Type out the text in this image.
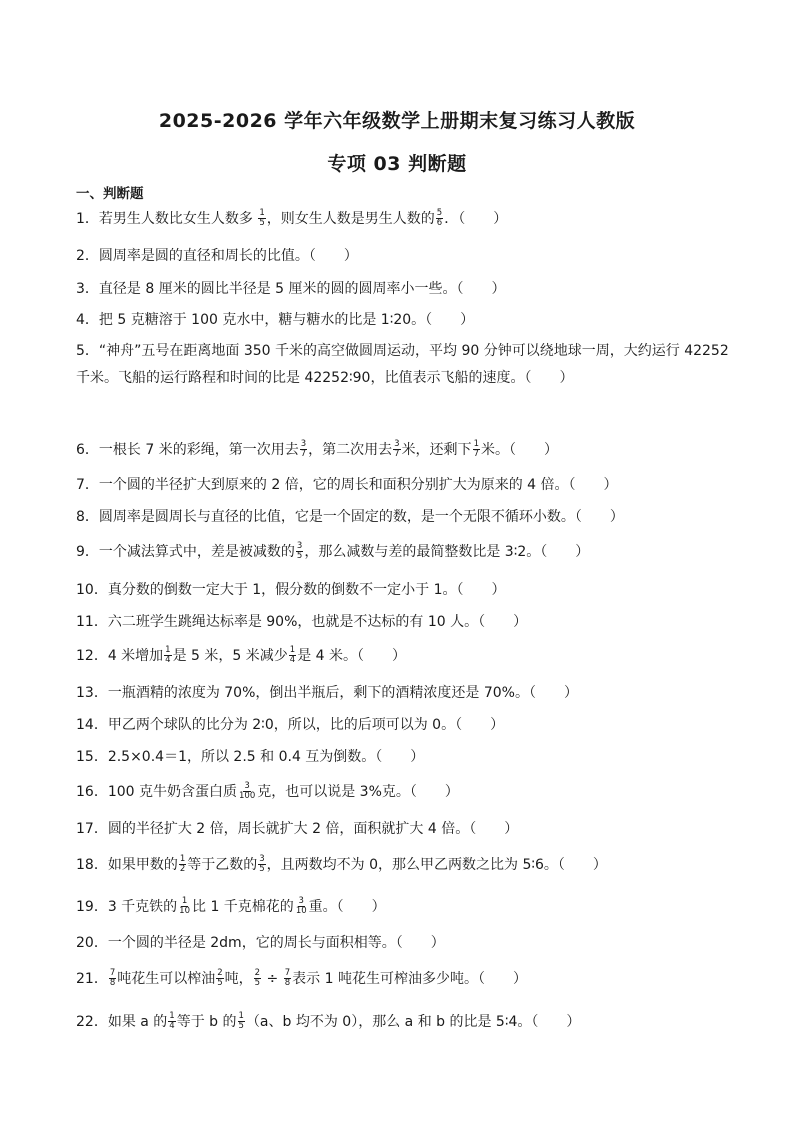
2025-2026 学年六年级数学上册期末复习练习人教版
专项 03 判断题
一、判断题
1．若男生人数比女生人数多 $\frac{1}{5}$ ，则女生人数是男生人数的 $\frac{5}{6}$ ．（　　）
2．圆周率是圆的直径和周长的比值。（　　）
3．直径是 8 厘米的圆比半径是 5 厘米的圆的圆周率小一些。（　　）
4．把 5 克糖溶于 100 克水中，糖与糖水的比是 1∶20。（　　）
5．“神舟”五号在距离地面 350 千米的高空做圆周运动，平均 90 分钟可以绕地球一周，大约运行 42252 千米。飞船的运行路程和时间的比是 42252∶90，比值表示飞船的速度。（　　）
6．一根长 7 米的彩绳，第一次用去 $\frac{3}{7}$ ，第二次用去 $\frac{3}{7}$ 米，还剩下 $\frac{1}{7}$ 米。（　　）
7．一个圆的半径扩大到原来的 2 倍，它的周长和面积分别扩大为原来的 4 倍。（　　）
8．圆周率是圆周长与直径的比值，它是一个固定的数，是一个无限不循环小数。（　　）
9．一个减法算式中，差是被减数的 $\frac{3}{5}$ ，那么减数与差的最简整数比是 3∶2。（　　）
10．真分数的倒数一定大于 1，假分数的倒数不一定小于 1。（　　）
11．六二班学生跳绳达标率是 90%，也就是不达标的有 10 人。（　　）
12．4 米增加 $\frac{1}{4}$ 是 5 米，5 米减少 $\frac{1}{4}$ 是 4 米。（　　）
13．一瓶酒精的浓度为 70%，倒出半瓶后，剩下的酒精浓度还是 70%。（　　）
14．甲乙两个球队的比分为 2∶0，所以，比的后项可以为 0。（　　）
15．2.5×0.4＝1，所以 2.5 和 0.4 互为倒数。（　　）
16．100 克牛奶含蛋白质 $\frac{3}{100}$ 克，也可以说是 3%克。（　　）
17．圆的半径扩大 2 倍，周长就扩大 2 倍，面积就扩大 4 倍。（　　）
18．如果甲数的 $\frac{1}{2}$ 等于乙数的 $\frac{3}{5}$ ，且两数均不为 0，那么甲乙两数之比为 5∶6。（　　）
19．3 千克铁的 $\frac{1}{10}$ 比 1 千克棉花的 $\frac{3}{10}$ 重。（　　）
20．一个圆的半径是 2dm，它的周长与面积相等。（　　）
21． $\frac{7}{8}$ 吨花生可以榨油 $\frac{2}{5}$ 吨， $\frac{2}{5} \div \frac{7}{8}$ 表示 1 吨花生可榨油多少吨。（　　）
22．如果 a 的 $\frac{1}{4}$ 等于 b 的 $\frac{1}{5} (a$、b 均不为 0），那么 a 和 b 的比是 5∶4。（　　）
